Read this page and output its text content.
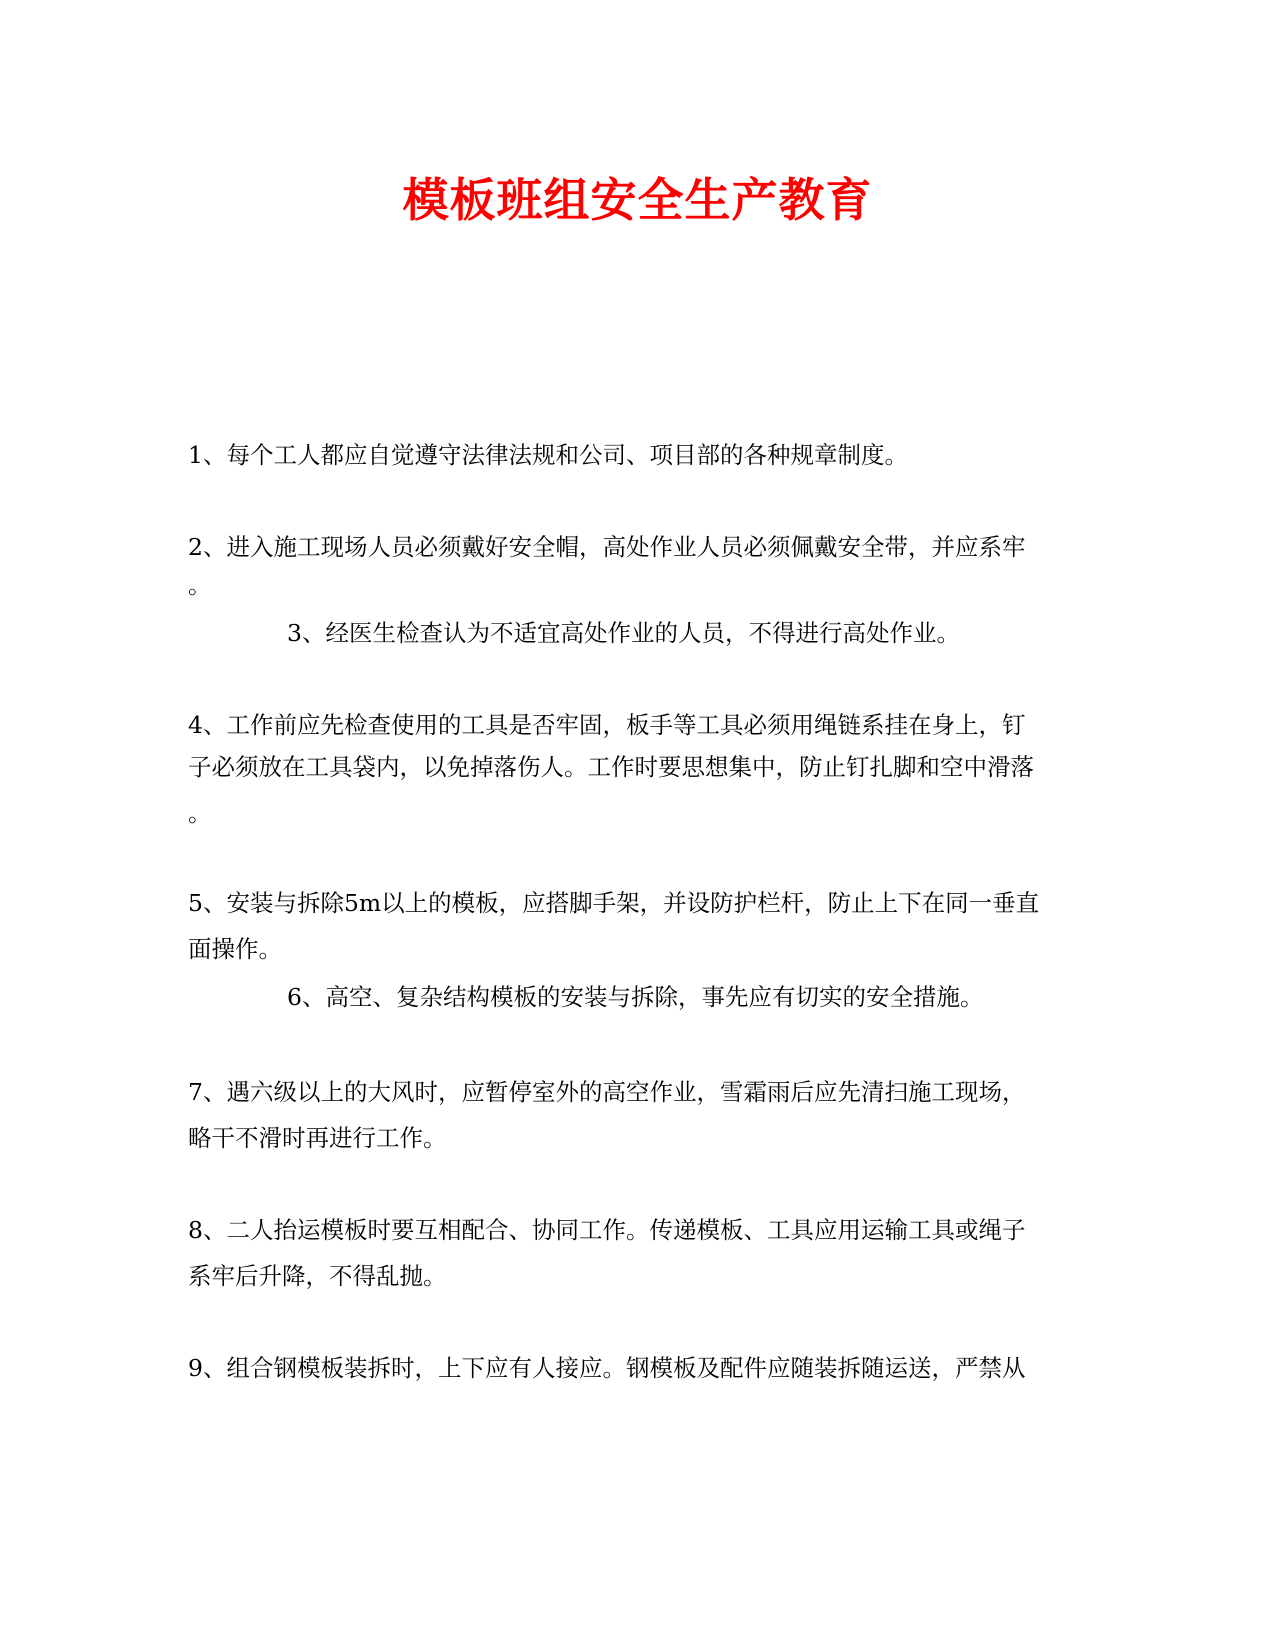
模板班组安全生产教育
1、每个工人都应自觉遵守法律法规和公司、项目部的各种规章制度。
2、进入施工现场人员必须戴好安全帽，高处作业人员必须佩戴安全带，并应系牢
。
3、经医生检查认为不适宜高处作业的人员，不得进行高处作业。
4、工作前应先检查使用的工具是否牢固，板手等工具必须用绳链系挂在身上，钉
子必须放在工具袋内，以免掉落伤人。工作时要思想集中，防止钉扎脚和空中滑落
。
5、安装与拆除5m以上的模板，应搭脚手架，并设防护栏杆，防止上下在同一垂直
面操作。
6、高空、复杂结构模板的安装与拆除，事先应有切实的安全措施。
7、遇六级以上的大风时，应暂停室外的高空作业，雪霜雨后应先清扫施工现场，
略干不滑时再进行工作。
8、二人抬运模板时要互相配合、协同工作。传递模板、工具应用运输工具或绳子
系牢后升降，不得乱抛。
9、组合钢模板装拆时，上下应有人接应。钢模板及配件应随装拆随运送，严禁从
